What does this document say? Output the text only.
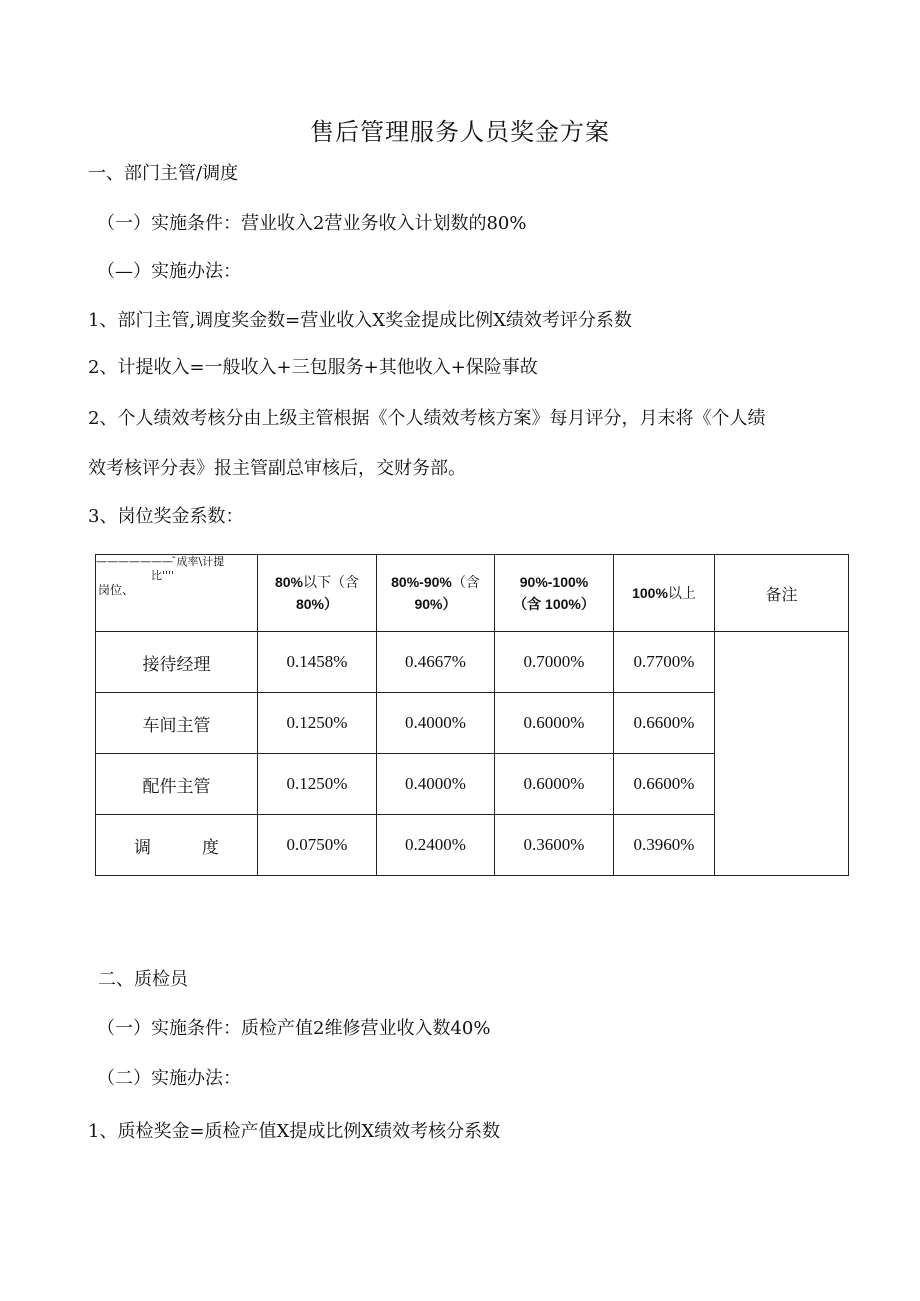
售后管理服务人员奖金方案
一、部门主管/调度
（一）实施条件：营业收入2营业务收入计划数的80%
（—）实施办法：
1、部门主管,调度奖金数=营业收入X奖金提成比例X绩效考评分系数
2、计提收入=一般收入+三包服务+其他收入+保险事故
2、个人绩效考核分由上级主管根据《个人绩效考核方案》每月评分，月末将《个人绩
效考核评分表》报主管副总审核后，交财务部。
3、岗位奖金系数：
——————— ̄成率\计提
比''''
岗位、	80%以下（含
80%）	80%-90%（含
90%）	90%-100%
（含 100%）	100%以上	备注
接待经理	0.1458%	0.4667%	0.7000%	0.7700%	
车间主管	0.1250%	0.4000%	0.6000%	0.6600%	
配件主管	0.1250%	0.4000%	0.6000%	0.6600%	
调　　　度	0.0750%	0.2400%	0.3600%	0.3960%	
二、质检员
（一）实施条件：质检产值2维修营业收入数40%
（二）实施办法：
1、质检奖金=质检产值X提成比例X绩效考核分系数
